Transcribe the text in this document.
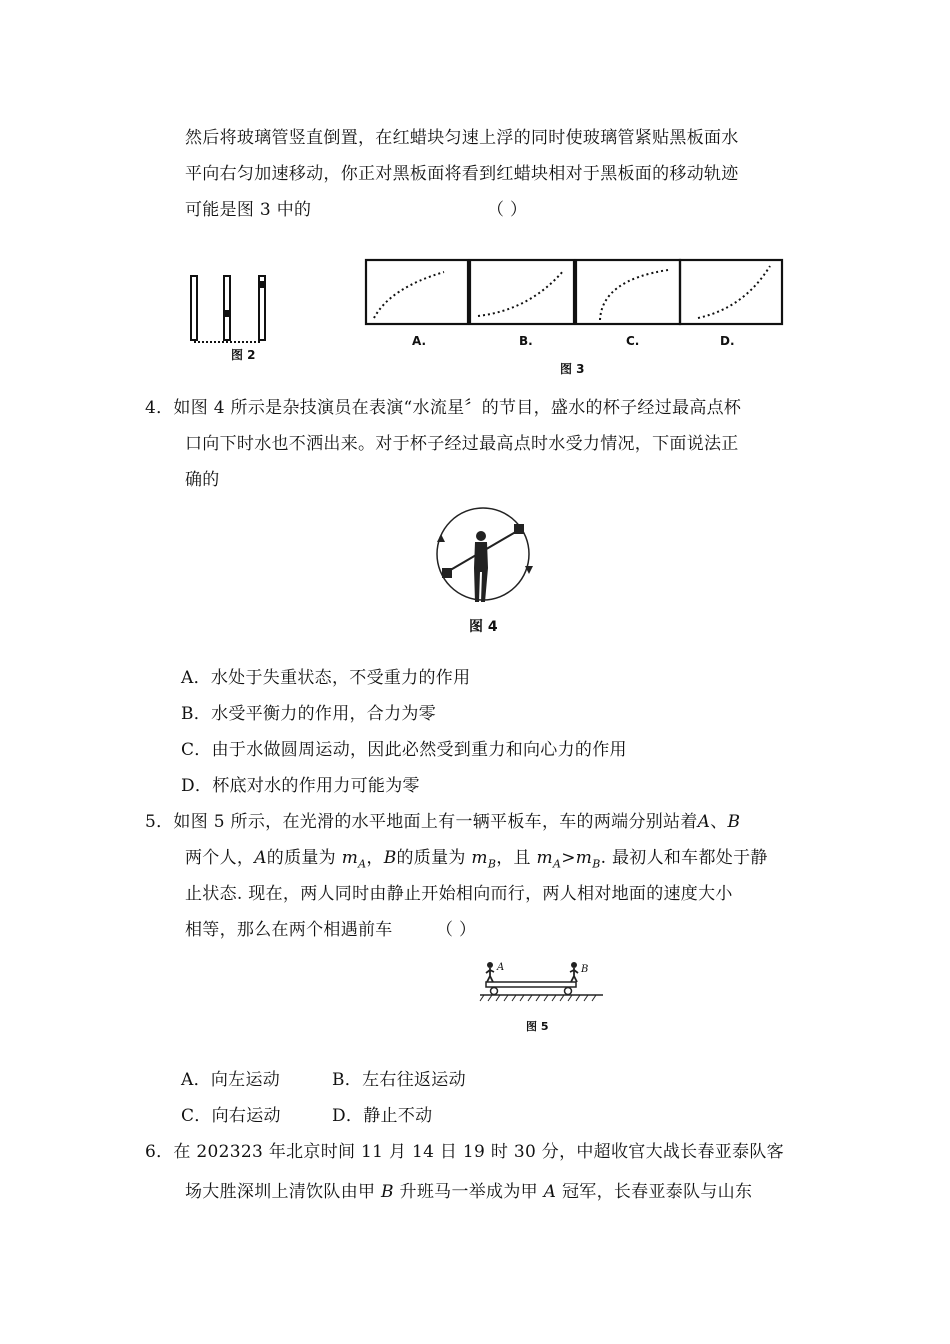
然后将玻璃管竖直倒置，在红蜡块匀速上浮的同时使玻璃管紧贴黑板面水
平向右匀加速移动，你正对黑板面将看到红蜡块相对于黑板面的移动轨迹
可能是图 3 中的	（ ）
图 2
A.	B.	C.	D.
图 3
4．如图 4 所示是杂技演员在表演“水流星〞的节目，盛水的杯子经过最高点杯
口向下时水也不洒出来。对于杯子经过最高点时水受力情况，下面说法正
确的
图 4
A．水处于失重状态，不受重力的作用
B．水受平衡力的作用，合力为零
C．由于水做圆周运动，因此必然受到重力和向心力的作用
D．杯底对水的作用力可能为零
5．如图 5 所示，在光滑的水平地面上有一辆平板车，车的两端分别站着A、B
两个人，A的质量为 $m_A$，B的质量为 $m_B$，且 $m_A>m_B$. 最初人和车都处于静
止状态. 现在，两人同时由静止开始相向而行，两人相对地面的速度大小
相等，那么在两个相遇前车	（ ）
A	B
图 5
A．向左运动	B．左右往返运动
C．向右运动	D．静止不动
6．在 202323 年北京时间 11 月 14 日 19 时 30 分，中超收官大战长春亚泰队客
场大胜深圳上清饮队由甲 B 升班马一举成为甲 A 冠军，长春亚泰队与山东
